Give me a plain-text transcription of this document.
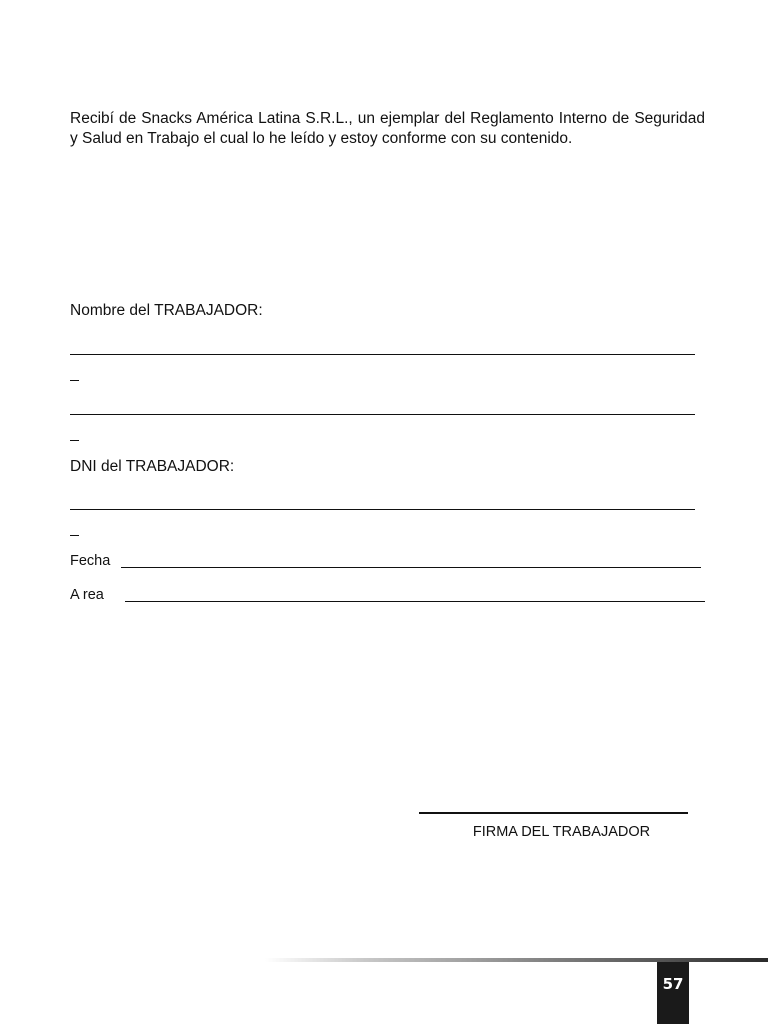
Recibí de Snacks América Latina S.R.L., un ejemplar del Reglamento Interno de Seguridad y Salud en Trabajo el cual lo he leído y estoy conforme con su contenido.

Nombre del TRABAJADOR:
DNI del TRABAJADOR:
Fecha
A rea
FIRMA DEL TRABAJADOR
57
